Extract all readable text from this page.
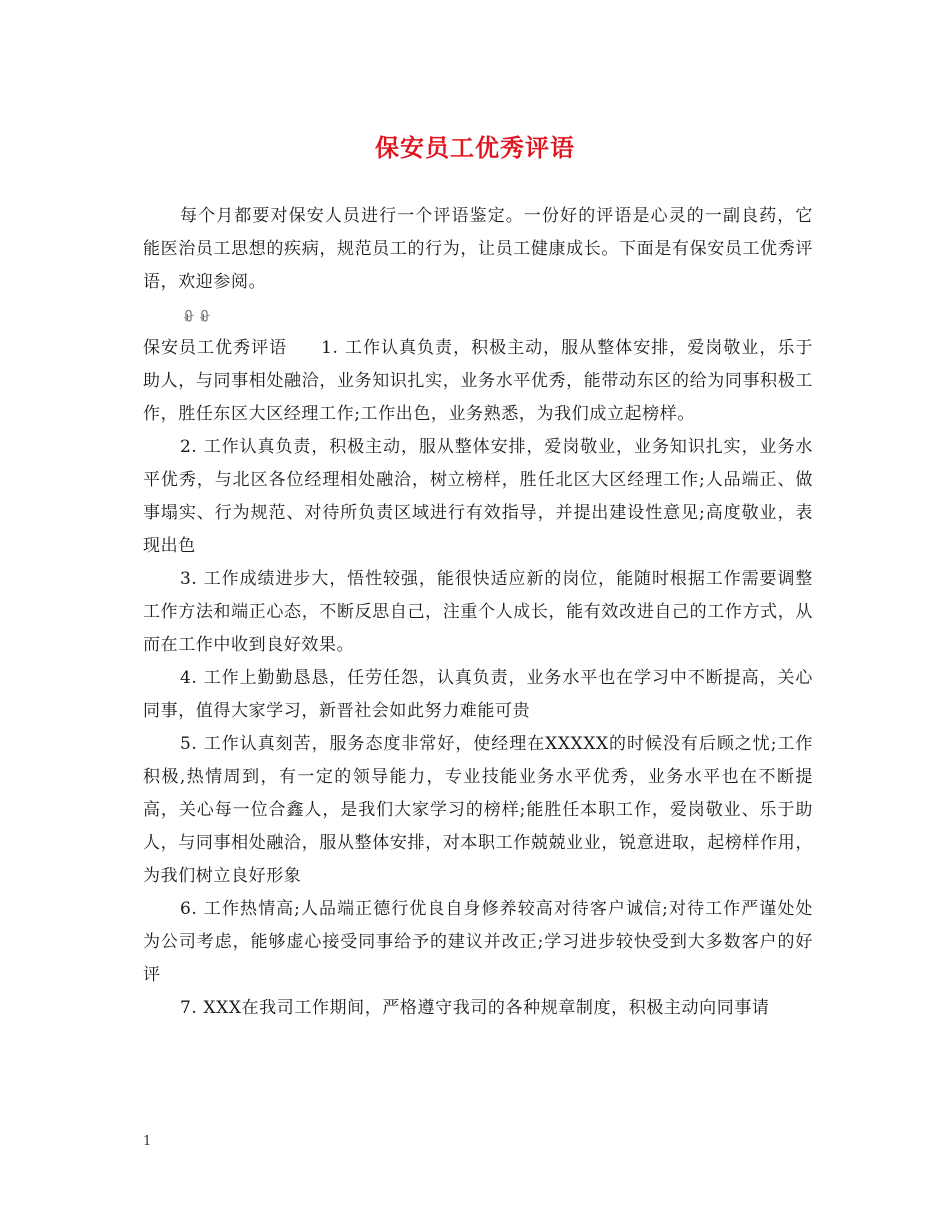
保安员工优秀评语

每个月都要对保安人员进行一个评语鉴定。一份好的评语是心灵的一副良药，它能医治员工思想的疾病，规范员工的行为，让员工健康成长。下面是有保安员工优秀评语，欢迎参阅。

保安员工优秀评语 1. 工作认真负责，积极主动，服从整体安排，爱岗敬业，乐于助人，与同事相处融洽，业务知识扎实，业务水平优秀，能带动东区的给为同事积极工作，胜任东区大区经理工作;工作出色，业务熟悉，为我们成立起榜样。

2. 工作认真负责，积极主动，服从整体安排，爱岗敬业，业务知识扎实，业务水平优秀，与北区各位经理相处融洽，树立榜样，胜任北区大区经理工作;人品端正、做事塌实、行为规范、对待所负责区域进行有效指导，并提出建设性意见;高度敬业，表现出色

3. 工作成绩进步大，悟性较强，能很快适应新的岗位，能随时根据工作需要调整工作方法和端正心态，不断反思自己，注重个人成长，能有效改进自己的工作方式，从而在工作中收到良好效果。

4. 工作上勤勤恳恳，任劳任怨，认真负责，业务水平也在学习中不断提高，关心同事，值得大家学习，新晋社会如此努力难能可贵

5. 工作认真刻苦，服务态度非常好，使经理在XXXXX的时候没有后顾之忧;工作积极,热情周到，有一定的领导能力，专业技能业务水平优秀，业务水平也在不断提高，关心每一位合鑫人，是我们大家学习的榜样;能胜任本职工作，爱岗敬业、乐于助人，与同事相处融洽，服从整体安排，对本职工作兢兢业业，锐意进取，起榜样作用，为我们树立良好形象

6. 工作热情高;人品端正德行优良自身修养较高对待客户诚信;对待工作严谨处处为公司考虑，能够虚心接受同事给予的建议并改正;学习进步较快受到大多数客户的好评

7. XXX在我司工作期间，严格遵守我司的各种规章制度，积极主动向同事请

1
